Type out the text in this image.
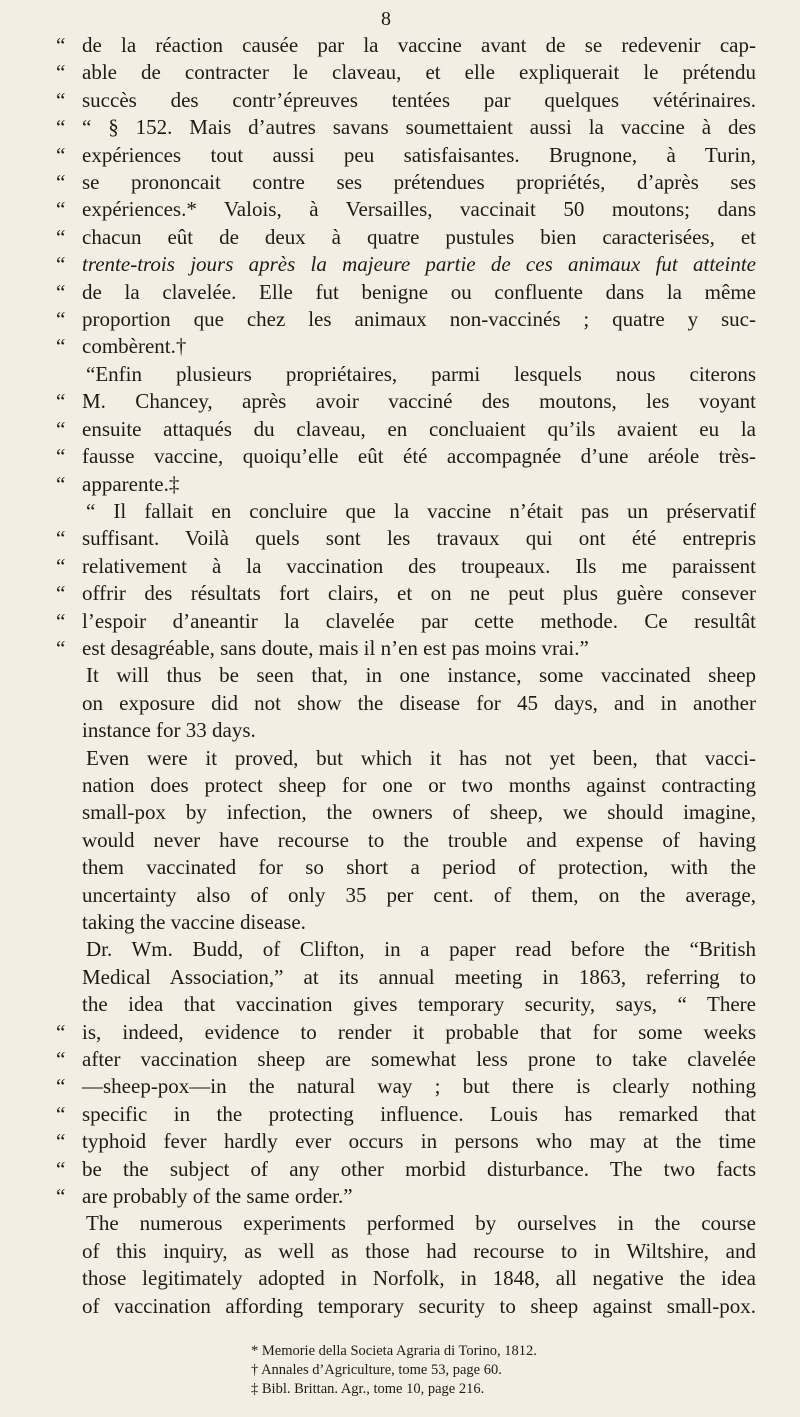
8
“ de la réaction causée par la vaccine avant de se redevenir cap-
“ able de contracter le claveau, et elle expliquerait le prétendu
“ succès des contr’épreuves tentées par quelques vétérinaires.
“ “ § 152. Mais d’autres savans soumettaient aussi la vaccine à des
“ expériences tout aussi peu satisfaisantes. Brugnone, à Turin,
“ se prononcait contre ses prétendues propriétés, d’après ses
“ expériences.* Valois, à Versailles, vaccinait 50 moutons; dans
“ chacun eût de deux à quatre pustules bien caracterisées, et
“ trente-trois jours après la majeure partie de ces animaux fut atteinte
“ de la clavelée. Elle fut benigne ou confluente dans la même
“ proportion que chez les animaux non-vaccinés ; quatre y suc-
“ combèrent.†
“Enfin plusieurs propriétaires, parmi lesquels nous citerons
“ M. Chancey, après avoir vacciné des moutons, les voyant
“ ensuite attaqués du claveau, en concluaient qu’ils avaient eu la
“ fausse vaccine, quoiqu’elle eût été accompagnée d’une aréole très-
“ apparente.‡
“ Il fallait en concluire que la vaccine n’était pas un préservatif
“ suffisant. Voilà quels sont les travaux qui ont été entrepris
“ relativement à la vaccination des troupeaux. Ils me paraissent
“ offrir des résultats fort clairs, et on ne peut plus guère consever
“ l’espoir d’aneantir la clavelée par cette methode. Ce resultât
“ est desagréable, sans doute, mais il n’en est pas moins vrai.”
It will thus be seen that, in one instance, some vaccinated sheep
on exposure did not show the disease for 45 days, and in another
instance for 33 days.
Even were it proved, but which it has not yet been, that vacci-
nation does protect sheep for one or two months against contracting
small-pox by infection, the owners of sheep, we should imagine,
would never have recourse to the trouble and expense of having
them vaccinated for so short a period of protection, with the
uncertainty also of only 35 per cent. of them, on the average,
taking the vaccine disease.
Dr. Wm. Budd, of Clifton, in a paper read before the “British
Medical Association,” at its annual meeting in 1863, referring to
the idea that vaccination gives temporary security, says, “ There
“ is, indeed, evidence to render it probable that for some weeks
“ after vaccination sheep are somewhat less prone to take clavelée
“ —sheep-pox—in the natural way ; but there is clearly nothing
“ specific in the protecting influence. Louis has remarked that
“ typhoid fever hardly ever occurs in persons who may at the time
“ be the subject of any other morbid disturbance. The two facts
“ are probably of the same order.”
The numerous experiments performed by ourselves in the course
of this inquiry, as well as those had recourse to in Wiltshire, and
those legitimately adopted in Norfolk, in 1848, all negative the idea
of vaccination affording temporary security to sheep against small-pox.
* Memorie della Societa Agraria di Torino, 1812.
† Annales d’Agriculture, tome 53, page 60.
‡ Bibl. Brittan. Agr., tome 10, page 216.
